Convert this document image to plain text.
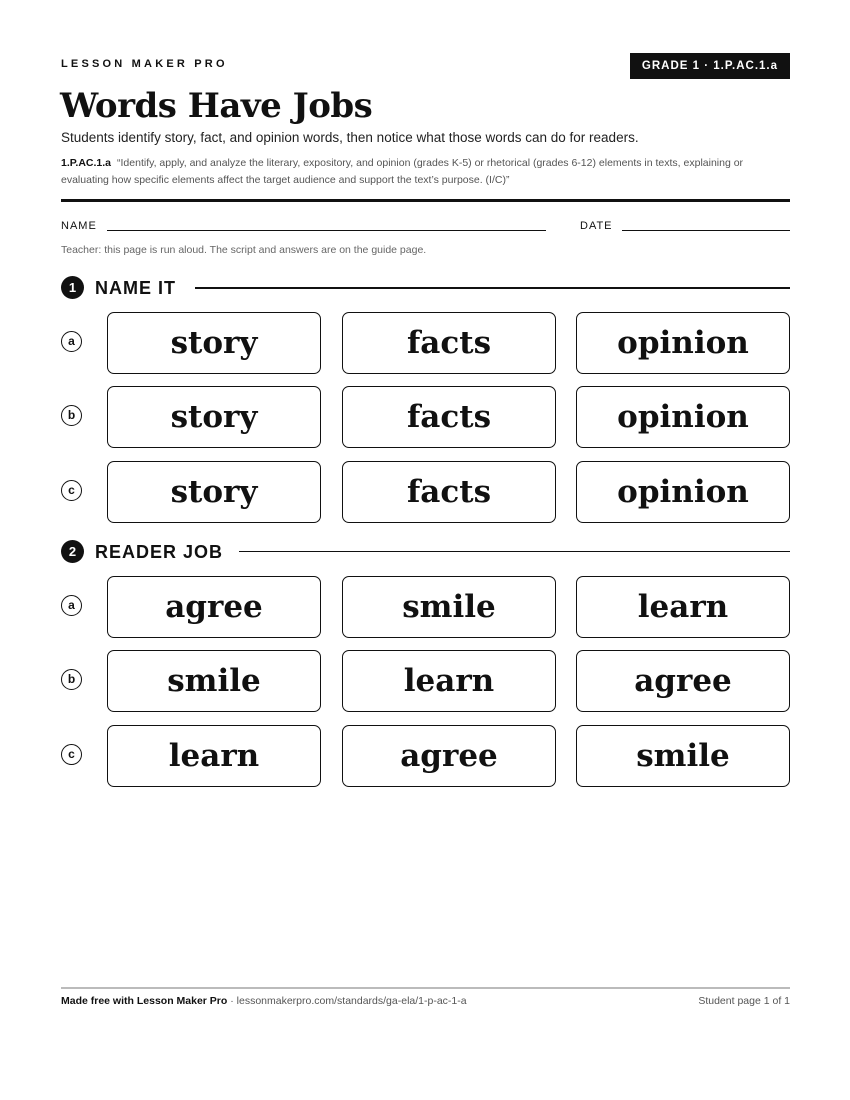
LESSON MAKER PRO	GRADE 1 · 1.P.AC.1.a
Words Have Jobs
Students identify story, fact, and opinion words, then notice what those words can do for readers.
1.P.AC.1.a “Identify, apply, and analyze the literary, expository, and opinion (grades K-5) or rhetorical (grades 6-12) elements in texts, explaining or evaluating how specific elements affect the target audience and support the text’s purpose. (I/C)”
NAME	DATE
Teacher: this page is run aloud. The script and answers are on the guide page.
1	NAME IT
a	story	facts	opinion
b	story	facts	opinion
c	story	facts	opinion
2	READER JOB
a	agree	smile	learn
b	smile	learn	agree
c	learn	agree	smile
Made free with Lesson Maker Pro · lessonmakerpro.com/standards/ga-ela/1-p-ac-1-a	Student page 1 of 1
